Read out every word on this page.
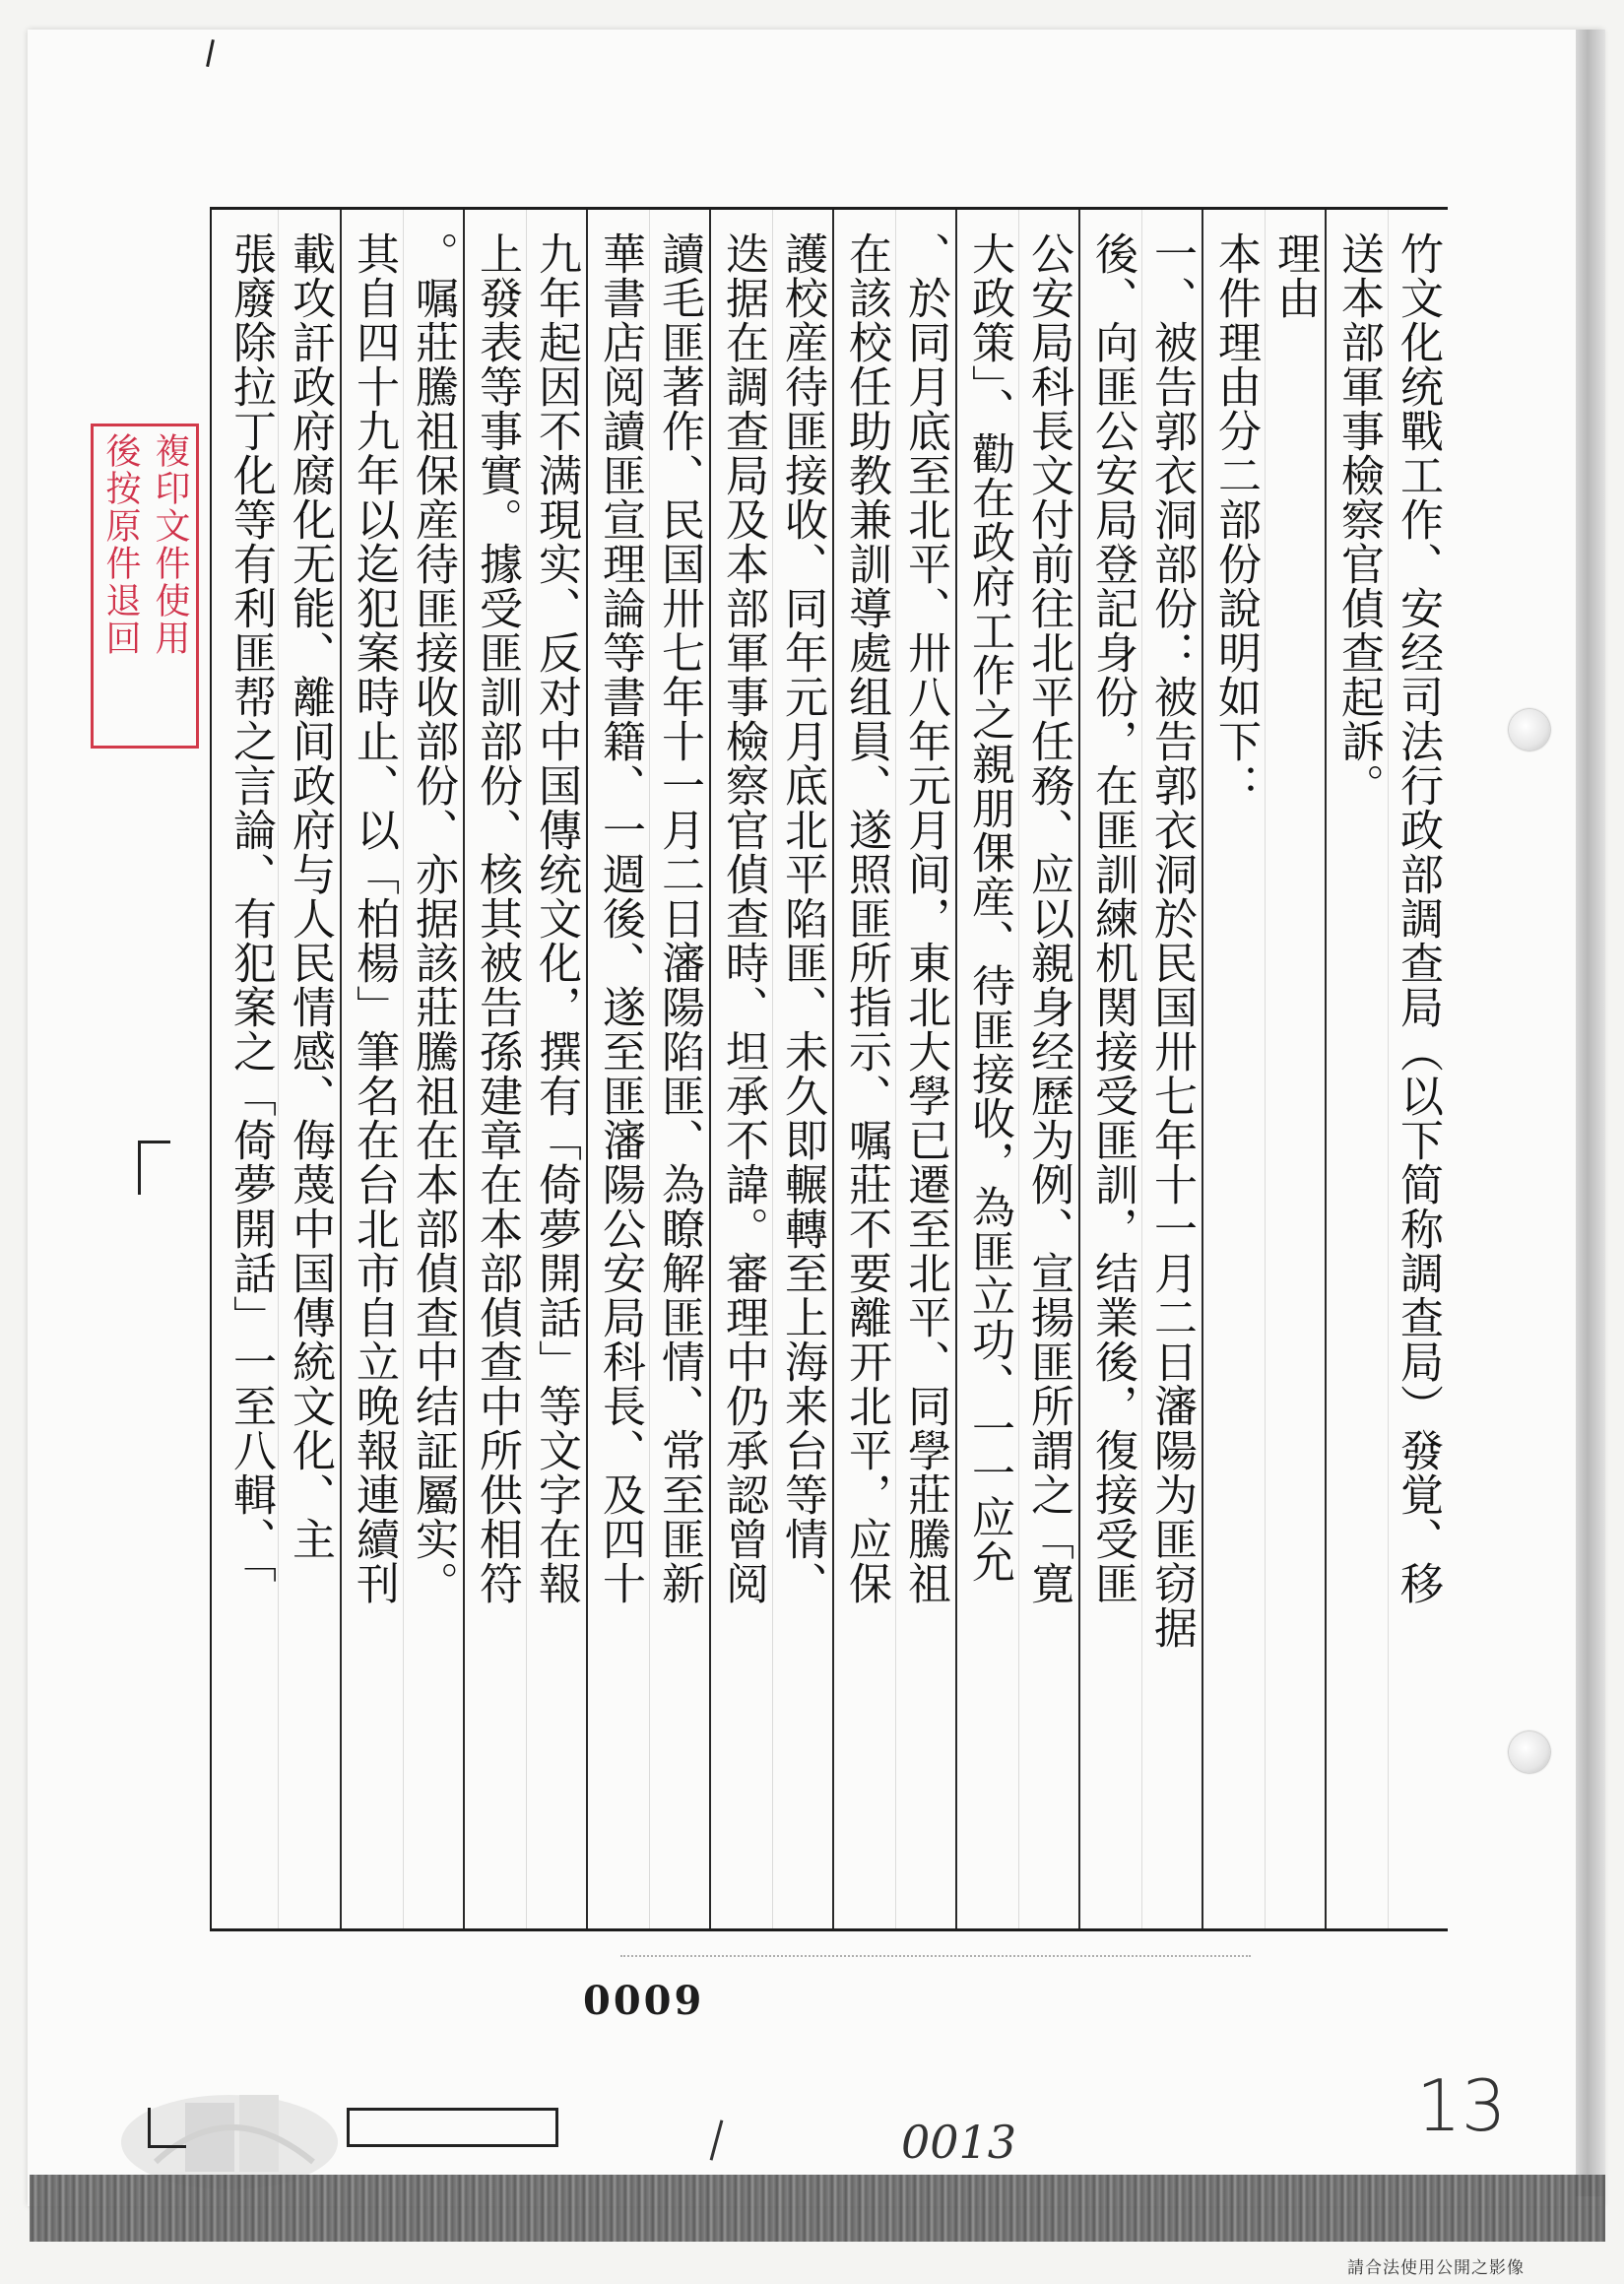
竹文化统戰工作、安经司法行政部調查局︵以下简称調查局︶發覚、移
送本部軍事檢察官偵查起訴。
理由
本件理由分二部份說明如下：
一、被告郭衣洞部份：被告郭衣洞於民国卅七年十一月二日瀋陽为匪窃据
後、向匪公安局登記身份，在匪訓練机関接受匪訓，结業後，復接受匪
公安局科長文付前往北平任務、应以親身经歷为例、宣揚匪所謂之「寛
大政策」、勸在政府工作之親朋倮産、待匪接收，為匪立功、一一应允
、於同月底至北平、卅八年元月间，東北大學已遷至北平、同學莊騰祖
在該校任助教兼訓導處组員、遂照匪所指示、嘱莊不要離开北平，应保
護校産待匪接收、同年元月底北平陷匪、未久即輾轉至上海来台等情、
迭据在調查局及本部軍事檢察官偵查時、坦承不諱。審理中仍承認曾阅
讀毛匪著作、民国卅七年十一月二日瀋陽陷匪、為瞭解匪情、常至匪新
華書店阅讀匪宣理論等書籍、一週後、遂至匪瀋陽公安局科長、及四十
九年起因不满現实、反对中国傳统文化，撰有「倚夢開話」等文字在報
上發表等事實。據受匪訓部份、核其被告孫建章在本部偵查中所供相符
。嘱莊騰祖保産待匪接收部份、亦据該莊騰祖在本部偵查中结証屬实。
其自四十九年以迄犯案時止、以「柏楊」筆名在台北市自立晚報連續刊
載攻訐政府腐化无能、離间政府与人民情感、侮蔑中国傳統文化、主
張廢除拉丁化等有利匪帮之言論、有犯案之「倚夢開話」一至八輯、「
複印文件使用
後按原件退回
0009
0013	13
請合法使用公開之影像
